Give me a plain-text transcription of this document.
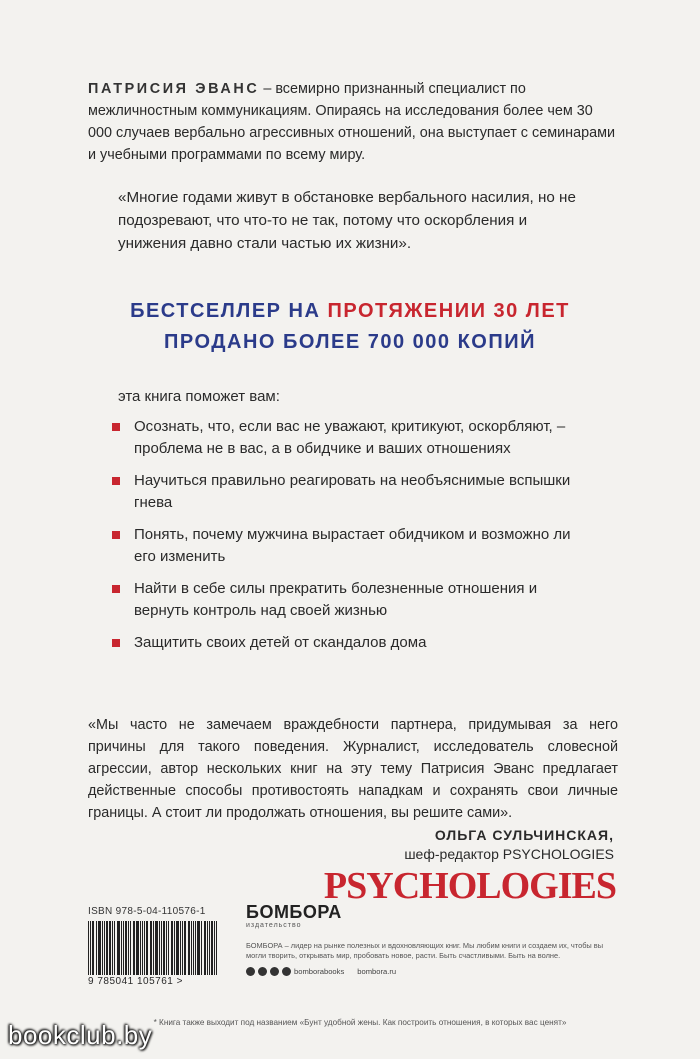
ПАТРИСИЯ ЭВАНС – всемирно признанный специалист по межличностным коммуникациям. Опираясь на исследования более чем 30 000 случаев вербально агрессивных отношений, она выступает с семинарами и учебными программами по всему миру.
«Многие годами живут в обстановке вербального насилия, но не подозревают, что что-то не так, потому что оскорбления и унижения давно стали частью их жизни».
БЕСТСЕЛЛЕР НА ПРОТЯЖЕНИИ 30 ЛЕТ
ПРОДАНО БОЛЕЕ 700 000 КОПИЙ
эта книга поможет вам:
Осознать, что, если вас не уважают, критикуют, оскорбляют, – проблема не в вас, а в обидчике и ваших отношениях
Научиться правильно реагировать на необъяснимые вспышки гнева
Понять, почему мужчина вырастает обидчиком и возможно ли его изменить
Найти в себе силы прекратить болезненные отношения и вернуть контроль над своей жизнью
Защитить своих детей от скандалов дома
«Мы часто не замечаем враждебности партнера, придумывая за него причины для такого поведения. Журналист, исследователь словесной агрессии, автор нескольких книг на эту тему Патрисия Эванс предлагает действенные способы противостоять нападкам и сохранять свои личные границы. А стоит ли продолжать отношения, вы решите сами».
ОЛЬГА СУЛЬЧИНСКАЯ,
шеф-редактор PSYCHOLOGIES
PSYCHOLOGIES
ISBN 978-5-04-110576-1
9 785041 105761 >
БОМБОРА
издательство
БОМБОРА – лидер на рынке полезных и вдохновляющих книг. Мы любим книги и создаем их, чтобы вы могли творить, открывать мир, пробовать новое, расти. Быть счастливыми. Быть на волне.
bomborabooks bombora.ru
* Книга также выходит под названием «Бунт удобной жены. Как построить отношения, в которых вас ценят»
bookclub.by
